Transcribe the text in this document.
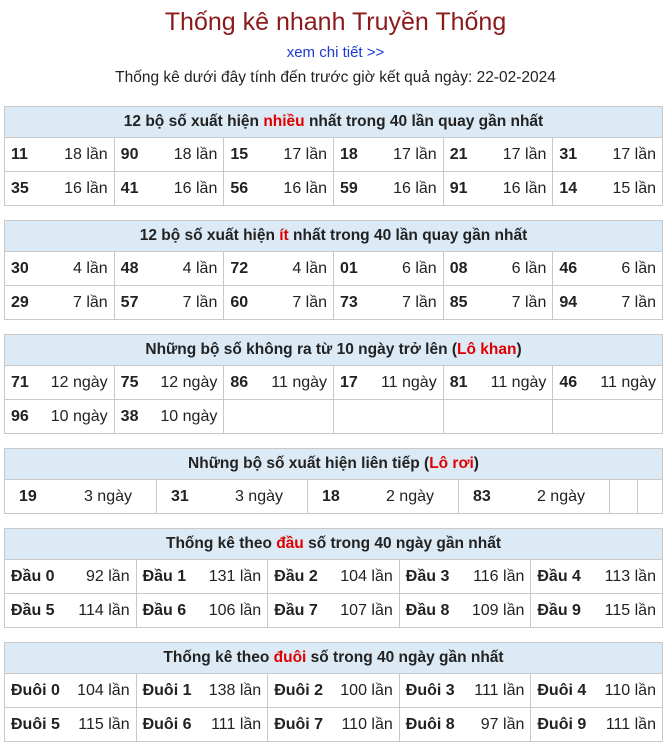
Thống kê nhanh Truyền Thống
xem chi tiết >>
Thống kê dưới đây tính đến trước giờ kết quả ngày: 22-02-2024
12 bộ số xuất hiện nhiều nhất trong 40 lần quay gần nhất
11 18 lần 90 18 lần 15 17 lần 18 17 lần 21 17 lần 31 17 lần
35 16 lần 41 16 lần 56 16 lần 59 16 lần 91 16 lần 14 15 lần
12 bộ số xuất hiện ít nhất trong 40 lần quay gần nhất
30	4 lần 48	4 lần 72	4 lần 01	6 lần 08	6 lần 46	6 lần
29	7 lần 57	7 lần 60	7 lần 73	7 lần 85	7 lần 94	7 lần
Những bộ số không ra từ 10 ngày trở lên (Lô khan)
71 12 ngày 75 12 ngày 86 11 ngày 17 11 ngày 81 11 ngày 46 11 ngày
96 10 ngày 38 10 ngày
Những bộ số xuất hiện liên tiếp (Lô rơi)
19	3 ngày 31	3 ngày 18	2 ngày 83	2 ngày
Thống kê theo đầu số trong 40 ngày gần nhất
Đầu 0 92 lần Đầu 1 131 lần Đầu 2 104 lần Đầu 3 116 lần Đầu 4 113 lần
Đầu 5 114 lần Đầu 6 106 lần Đầu 7 107 lần Đầu 8 109 lần Đầu 9 115 lần
Thống kê theo đuôi số trong 40 ngày gần nhất
Đuôi 0 104 lần Đuôi 1 138 lần Đuôi 2 100 lần Đuôi 3 111 lần Đuôi 4 110 lần
Đuôi 5 115 lần Đuôi 6 111 lần Đuôi 7 110 lần Đuôi 8 97 lần Đuôi 9 111 lần
